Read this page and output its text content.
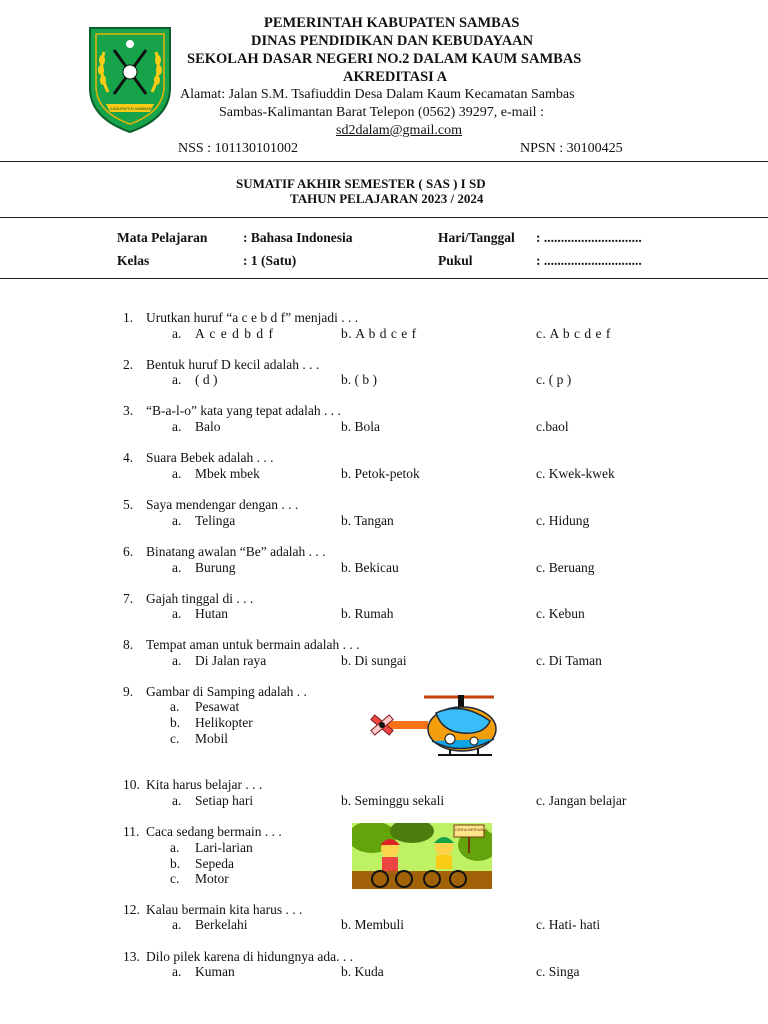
KABUPATEN SAMBAS
PEMERINTAH KABUPATEN SAMBAS
DINAS PENDIDIKAN DAN KEBUDAYAAN
SEKOLAH DASAR NEGERI NO.2 DALAM KAUM SAMBAS
AKREDITASI A
Alamat: Jalan S.M. Tsafiuddin Desa Dalam Kaum Kecamatan Sambas
Sambas-Kalimantan Barat Telepon (0562) 39297, e-mail :
sd2dalam@gmail.com
NSS : 101130101002	NPSN : 30100425
SUMATIF AKHIR SEMESTER ( SAS ) I SD
TAHUN PELAJARAN 2023 / 2024
Mata Pelajaran	: Bahasa Indonesia	Hari/Tanggal : .............................
Kelas	: 1 (Satu)	Pukul	: .............................
1. Urutkan huruf “a c e b d f” menjadi . . .
a. A c e d b d f	b. A b d c e f	c. A b c d e f
2. Bentuk huruf D kecil adalah . . .
a. ( d )	b. ( b )	c. ( p )
3. “B-a-l-o” kata yang tepat adalah . . .
a. Balo	b. Bola	c.baol
4. Suara Bebek adalah . . .
a. Mbek mbek	b. Petok-petok	c. Kwek-kwek
5. Saya mendengar dengan . . .
a. Telinga	b. Tangan	c. Hidung
6. Binatang awalan “Be” adalah . . .
a. Burung	b. Bekicau	c. Beruang
7. Gajah tinggal di . . .
a. Hutan	b. Rumah	c. Kebun
8. Tempat aman untuk bermain adalah . . .
a. Di Jalan raya	b. Di sungai	c. Di Taman
9. Gambar di Samping adalah . .
a. Pesawat
b. Helikopter
c. Mobil
10. Kita harus belajar . . .
a. Setiap hari	b. Seminggu sekali	c. Jangan belajar
11. Caca sedang bermain . . .
a. Lari-larian
b. Sepeda
c. Motor
CERIA BERSAMA
12. Kalau bermain kita harus . . .
a. Berkelahi	b. Membuli	c. Hati- hati
13. Dilo pilek karena di hidungnya ada. . .
a. Kuman	b. Kuda	c. Singa
